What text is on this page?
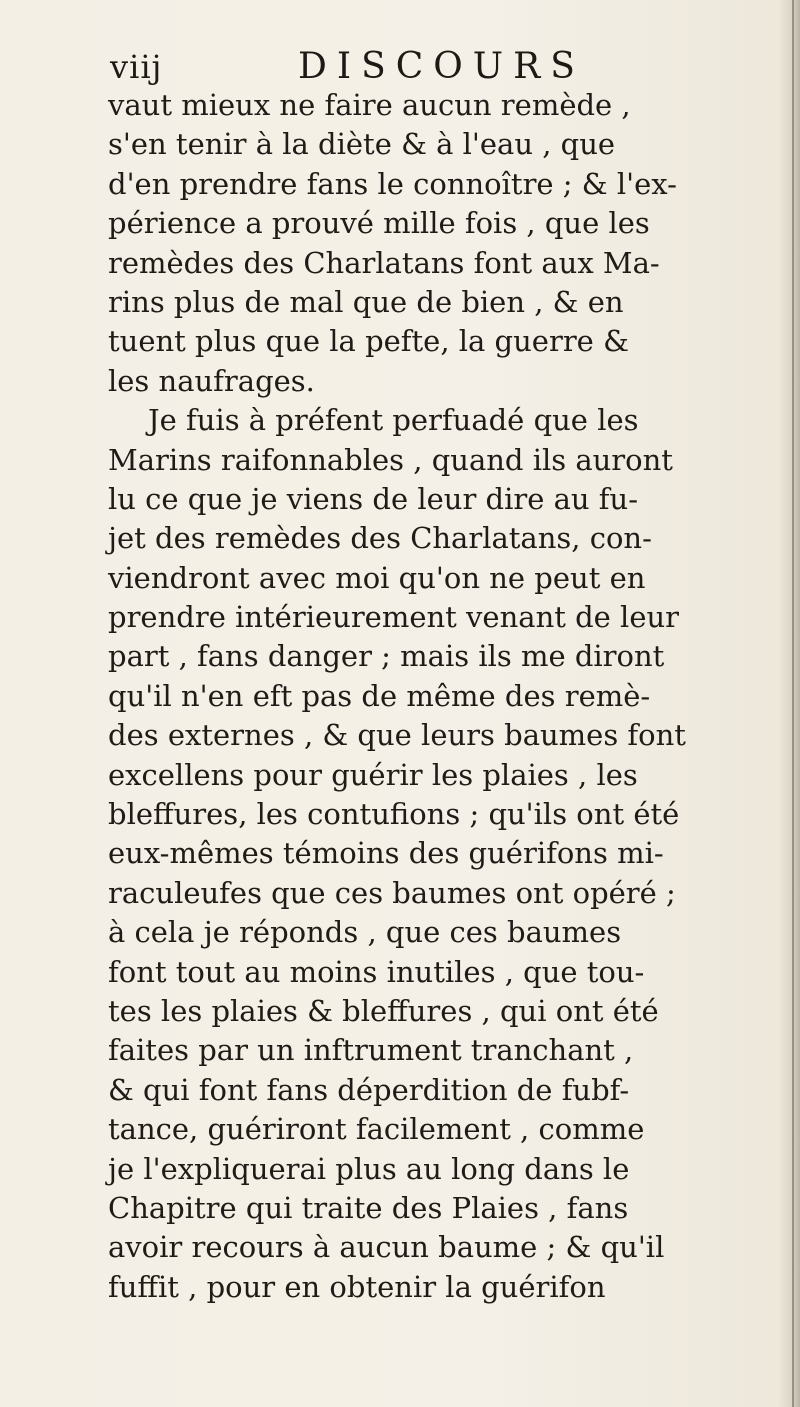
viij	DISCOURS
vaut mieux ne faire aucun remède ,
s'en tenir à la diète & à l'eau , que
d'en prendre fans le connoître ; & l'ex-
périence a prouvé mille fois , que les
remèdes des Charlatans font aux Ma-
rins plus de mal que de bien , & en
tuent plus que la pefte, la guerre &
les naufrages.
Je fuis à préfent perfuadé que les
Marins raifonnables , quand ils auront
lu ce que je viens de leur dire au fu-
jet des remèdes des Charlatans, con-
viendront avec moi qu'on ne peut en
prendre intérieurement venant de leur
part , fans danger ; mais ils me diront
qu'il n'en eft pas de même des remè-
des externes , & que leurs baumes font
excellens pour guérir les plaies , les
bleffures, les contufions ; qu'ils ont été
eux-mêmes témoins des guérifons mi-
raculeufes que ces baumes ont opéré ;
à cela je réponds , que ces baumes
font tout au moins inutiles , que tou-
tes les plaies & bleffures , qui ont été
faites par un inftrument tranchant ,
& qui font fans déperdition de fubf-
tance, guériront facilement , comme
je l'expliquerai plus au long dans le
Chapitre qui traite des Plaies , fans
avoir recours à aucun baume ; & qu'il
fuffit , pour en obtenir la guérifon
